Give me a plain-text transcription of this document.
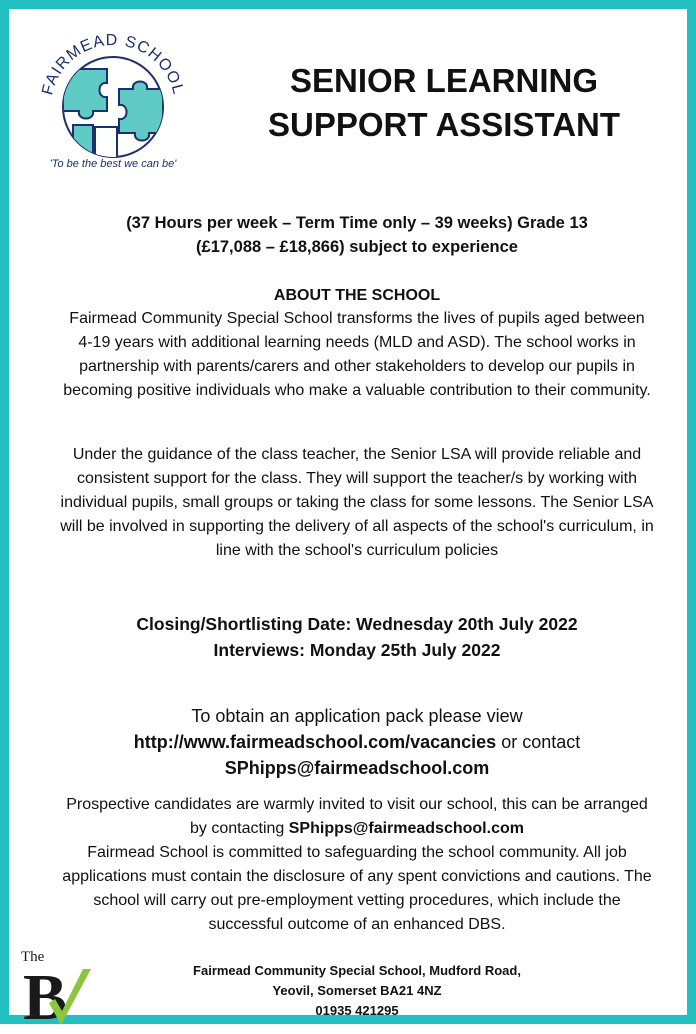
FAIRMEAD SCHOOL
'To be the best we can be'
SENIOR LEARNING
SUPPORT ASSISTANT
(37 Hours per week – Term Time only – 39 weeks) Grade 13
(£17,088 – £18,866) subject to experience
ABOUT THE SCHOOL
Fairmead Community Special School transforms the lives of pupils aged between
4-19 years with additional learning needs (MLD and ASD). The school works in
partnership with parents/carers and other stakeholders to develop our pupils in
becoming positive individuals who make a valuable contribution to their community.
Under the guidance of the class teacher, the Senior LSA will provide reliable and
consistent support for the class. They will support the teacher/s by working with
individual pupils, small groups or taking the class for some lessons. The Senior LSA
will be involved in supporting the delivery of all aspects of the school's curriculum, in
line with the school's curriculum policies
Closing/Shortlisting Date: Wednesday 20th July 2022
Interviews: Monday 25th July 2022
To obtain an application pack please view
http://www.fairmeadschool.com/vacancies or contact
SPhipps@fairmeadschool.com
Prospective candidates are warmly invited to visit our school, this can be arranged
by contacting SPhipps@fairmeadschool.com
Fairmead School is committed to safeguarding the school community. All job
applications must contain the disclosure of any spent convictions and cautions. The
school will carry out pre-employment vetting procedures, which include the
successful outcome of an enhanced DBS.
The
B	Fairmead Community Special School, Mudford Road,
Yeovil, Somerset BA21 4NZ
01935 421295
